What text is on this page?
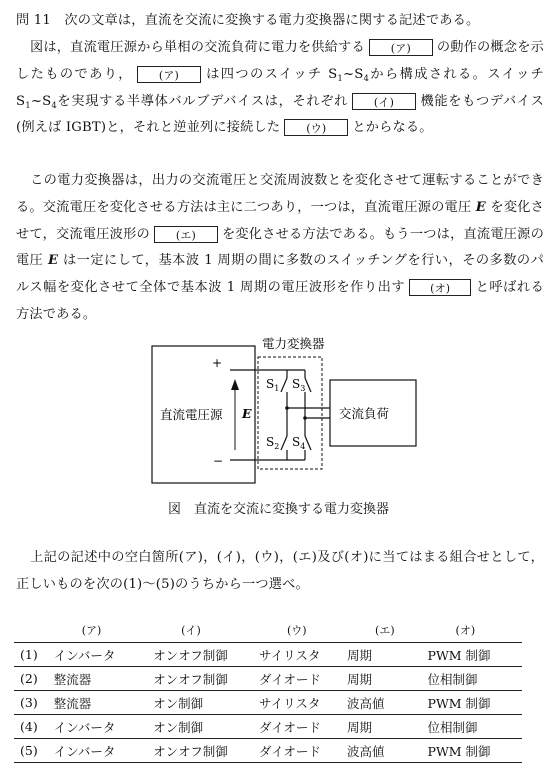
問 11　 次の文章は，直流を交流に変換する電力変換器に関する記述である。

図は，直流電圧源から単相の交流負荷に電力を供給する (ア) の動作の概念を示したものであり， (ア) は四つのスイッチ $S_1\sim S_4$から構成される。スイッチ $S_1\sim S_4$を実現する半導体バルブデバイスは，それぞれ (イ) 機能をもつデバイス(例えば IGBT)と，それと逆並列に接続した (ウ) とからなる。

この電力変換器は，出力の交流電圧と交流周波数とを変化させて運転することができる。交流電圧を変化させる方法は主に二つあり，一つは，直流電圧源の電圧 E を変化させて，交流電圧波形の (エ) を変化させる方法である。もう一つは，直流電圧源の電圧 E は一定にして，基本波 1 周期の間に多数のスイッチングを行い，その多数のパルス幅を変化させて全体で基本波 1 周期の電圧波形を作り出す (オ) と呼ばれる方法である。

直流電圧源
+
−
E
電力変換器
$S_1$ $S_3$
$S_2$ $S_4$
交流負荷
図　直流を交流に変換する電力変換器

上記の記述中の空白箇所(ア)，(イ)，(ウ)，(エ)及び(オ)に当てはまる組合せとして，正しいものを次の(1)～(5)のうちから一つ選べ。

	(ア)	(イ)	(ウ)	(エ)	(オ)
(1)	インバータ	オンオフ制御	サイリスタ	周期	PWM 制御
(2)	整流器	オンオフ制御	ダイオード	周期	位相制御
(3)	整流器	オン制御	サイリスタ	波高値	PWM 制御
(4)	インバータ	オン制御	ダイオード	周期	位相制御
(5)	インバータ	オンオフ制御	ダイオード	波高値	PWM 制御
